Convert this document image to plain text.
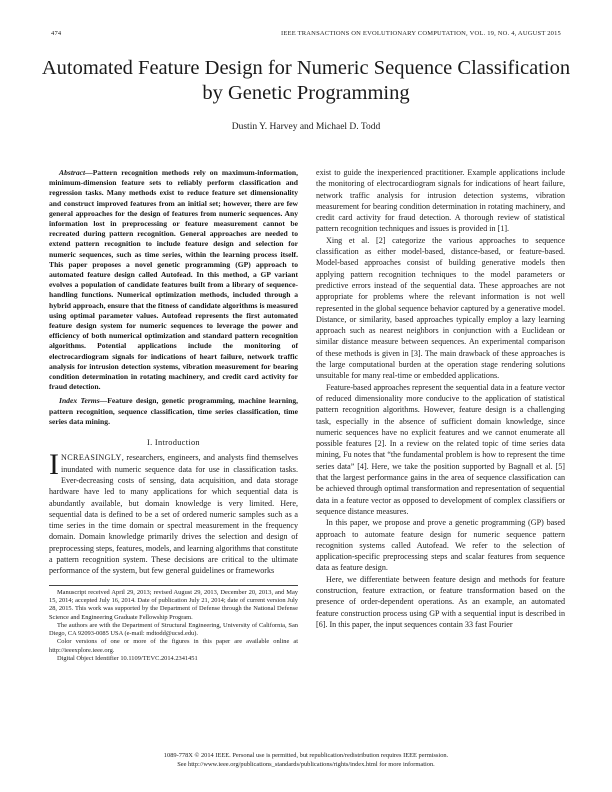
474	IEEE TRANSACTIONS ON EVOLUTIONARY COMPUTATION, VOL. 19, NO. 4, AUGUST 2015
Automated Feature Design for Numeric Sequence Classification by Genetic Programming
Dustin Y. Harvey and Michael D. Todd

Abstract—Pattern recognition methods rely on maximum-information, minimum-dimension feature sets to reliably perform classification and regression tasks. Many methods exist to reduce feature set dimensionality and construct improved features from an initial set; however, there are few general approaches for the design of features from numeric sequences. Any information lost in preprocessing or feature measurement cannot be recreated during pattern recognition. General approaches are needed to extend pattern recognition to include feature design and selection for numeric sequences, such as time series, within the learning process itself. This paper proposes a novel genetic programming (GP) approach to automated feature design called Autofead. In this method, a GP variant evolves a population of candidate features built from a library of sequence-handling functions. Numerical optimization methods, included through a hybrid approach, ensure that the fitness of candidate algorithms is measured using optimal parameter values. Autofead represents the first automated feature design system for numeric sequences to leverage the power and efficiency of both numerical optimization and standard pattern recognition algorithms. Potential applications include the monitoring of electrocardiogram signals for indications of heart failure, network traffic analysis for intrusion detection systems, vibration measurement for bearing condition determination in rotating machinery, and credit card activity for fraud detection.

Index Terms—Feature design, genetic programming, machine learning, pattern recognition, sequence classification, time series classification, time series data mining.

I. Introduction

INCREASINGLY, researchers, engineers, and analysts find themselves inundated with numeric sequence data for use in classification tasks. Ever-decreasing costs of sensing, data acquisition, and data storage hardware have led to many applications for which sequential data is abundantly available, but domain knowledge is very limited. Here, sequential data is defined to be a set of ordered numeric samples such as a time series in the time domain or spectral measurement in the frequency domain. Domain knowledge primarily drives the selection and design of preprocessing steps, features, models, and learning algorithms that constitute a pattern recognition system. These decisions are critical to the ultimate performance of the system, but few general guidelines or frameworks

Manuscript received April 29, 2013; revised August 29, 2013, December 20, 2013, and May 15, 2014; accepted July 16, 2014. Date of publication July 21, 2014; date of current version July 28, 2015. This work was supported by the Department of Defense through the National Defense Science and Engineering Graduate Fellowship Program.

The authors are with the Department of Structural Engineering, University of California, San Diego, CA 92093-0085 USA (e-mail: mdtodd@ucsd.edu).

Color versions of one or more of the figures in this paper are available online at http://ieeexplore.ieee.org.

Digital Object Identifier 10.1109/TEVC.2014.2341451

exist to guide the inexperienced practitioner. Example applications include the monitoring of electrocardiogram signals for indications of heart failure, network traffic analysis for intrusion detection systems, vibration measurement for bearing condition determination in rotating machinery, and credit card activity for fraud detection. A thorough review of statistical pattern recognition techniques and issues is provided in [1].

Xing et al. [2] categorize the various approaches to sequence classification as either model-based, distance-based, or feature-based. Model-based approaches consist of building generative models then applying pattern recognition techniques to the model parameters or predictive errors instead of the sequential data. These approaches are not appropriate for problems where the relevant information is not well represented in the global sequence behavior captured by a generative model. Distance, or similarity, based approaches typically employ a lazy learning approach such as nearest neighbors in conjunction with a Euclidean or similar distance measure between sequences. An experimental comparison of these methods is given in [3]. The main drawback of these approaches is the large computational burden at the operation stage rendering solutions unsuitable for many real-time or embedded applications.

Feature-based approaches represent the sequential data in a feature vector of reduced dimensionality more conducive to the application of statistical pattern recognition algorithms. However, feature design is a challenging task, especially in the absence of sufficient domain knowledge, since numeric sequences have no explicit features and we cannot enumerate all possible features [2]. In a review on the related topic of time series data mining, Fu notes that “the fundamental problem is how to represent the time series data” [4]. Here, we take the position supported by Bagnall et al. [5] that the largest performance gains in the area of sequence classification can be achieved through optimal transformation and representation of sequential data in a feature vector as opposed to development of complex classifiers or sequence distance measures.

In this paper, we propose and prove a genetic programming (GP) based approach to automate feature design for numeric sequence pattern recognition systems called Autofead. We refer to the selection of application-specific preprocessing steps and scalar features from sequence data as feature design.

Here, we differentiate between feature design and methods for feature construction, feature extraction, or feature transformation based on the presence of order-dependent operations. As an example, an automated feature construction process using GP with a sequential input is described in [6]. In this paper, the input sequences contain 33 fast Fourier

1089-778X © 2014 IEEE. Personal use is permitted, but republication/redistribution requires IEEE permission.
See http://www.ieee.org/publications_standards/publications/rights/index.html for more information.
